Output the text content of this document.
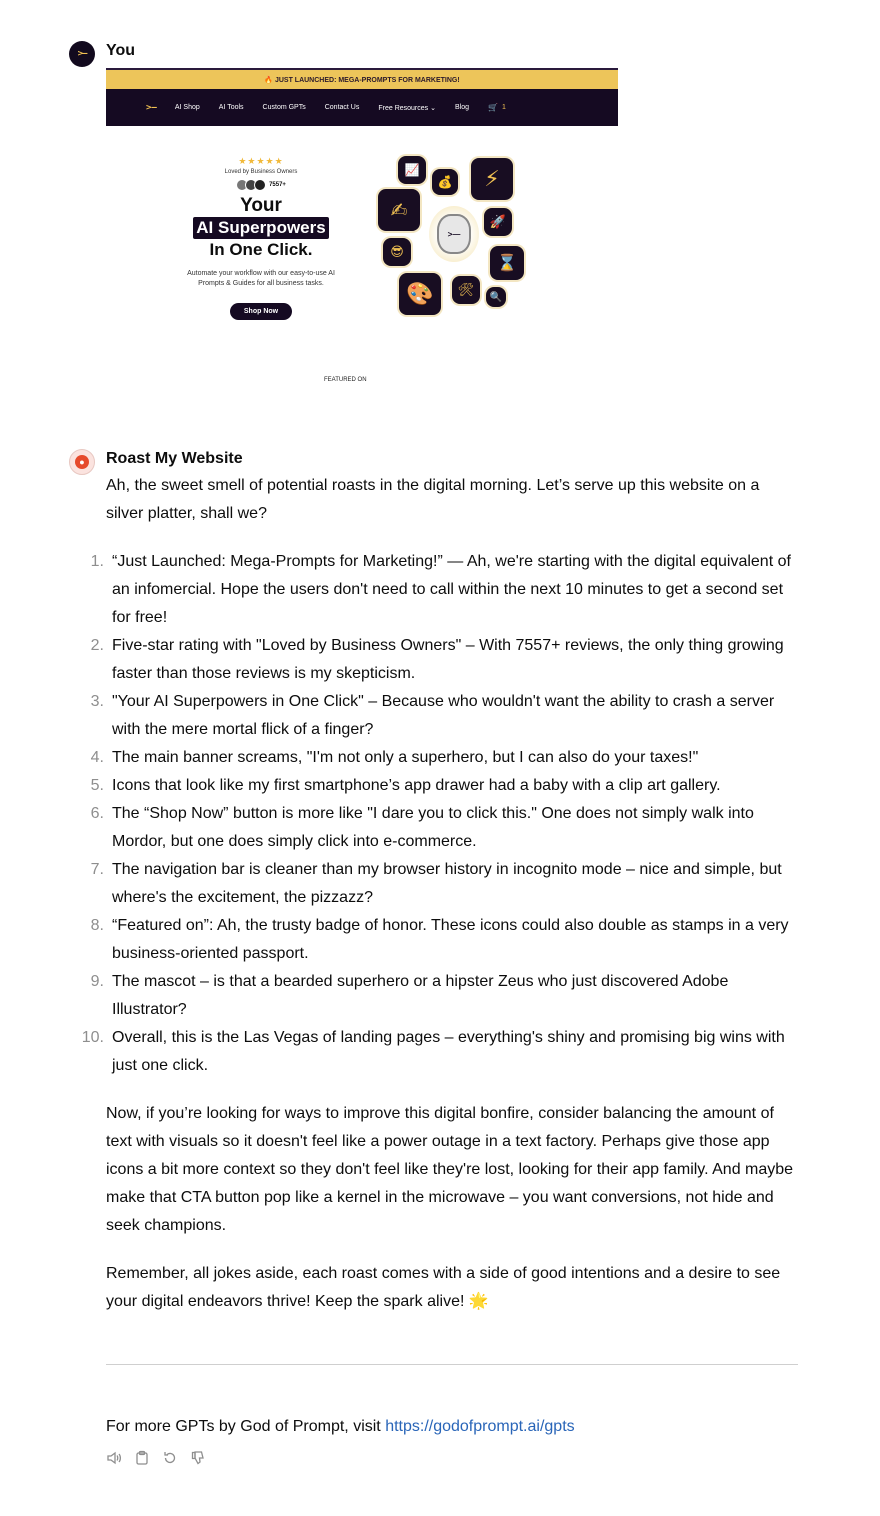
>— You
🔥 JUST LAUNCHED: MEGA-PROMPTS FOR MARKETING!
>—	AI Shop	AI Tools	Custom GPTs	Contact Us	Free Resources ⌄	Blog 🛒 1
★★★★★
Loved by Business Owners
7557+
Your
AI Superpowers
In One Click.
Automate your workflow with our easy-to-use AI Prompts & Guides for all business tasks.
Shop Now
📈
💰	⚡
✍	🚀
😎
⌛
🎨	🛠	🔍
>—
FEATURED ON
● Roast My Website

Ah, the sweet smell of potential roasts in the digital morning. Let’s serve up this website on a silver platter, shall we?

1. “Just Launched: Mega-Prompts for Marketing!” — Ah, we're starting with the digital equivalent of an infomercial. Hope the users don't need to call within the next 10 minutes to get a second set for free!
2. Five-star rating with "Loved by Business Owners" – With 7557+ reviews, the only thing growing faster than those reviews is my skepticism.
3. "Your AI Superpowers in One Click" – Because who wouldn't want the ability to crash a server with the mere mortal flick of a finger?
4. The main banner screams, "I'm not only a superhero, but I can also do your taxes!"
5. Icons that look like my first smartphone’s app drawer had a baby with a clip art gallery.
6. The “Shop Now” button is more like "I dare you to click this." One does not simply walk into Mordor, but one does simply click into e-commerce.
7. The navigation bar is cleaner than my browser history in incognito mode – nice and simple, but where's the excitement, the pizzazz?
8. “Featured on”: Ah, the trusty badge of honor. These icons could also double as stamps in a very business-oriented passport.
9. The mascot – is that a bearded superhero or a hipster Zeus who just discovered Adobe Illustrator?
10. Overall, this is the Las Vegas of landing pages – everything's shiny and promising big wins with just one click.

Now, if you’re looking for ways to improve this digital bonfire, consider balancing the amount of text with visuals so it doesn't feel like a power outage in a text factory. Perhaps give those app icons a bit more context so they don't feel like they're lost, looking for their app family. And maybe make that CTA button pop like a kernel in the microwave – you want conversions, not hide and seek champions.

Remember, all jokes aside, each roast comes with a side of good intentions and a desire to see your digital endeavors thrive! Keep the spark alive! 🌟

For more GPTs by God of Prompt, visit https://godofprompt.ai/gpts
